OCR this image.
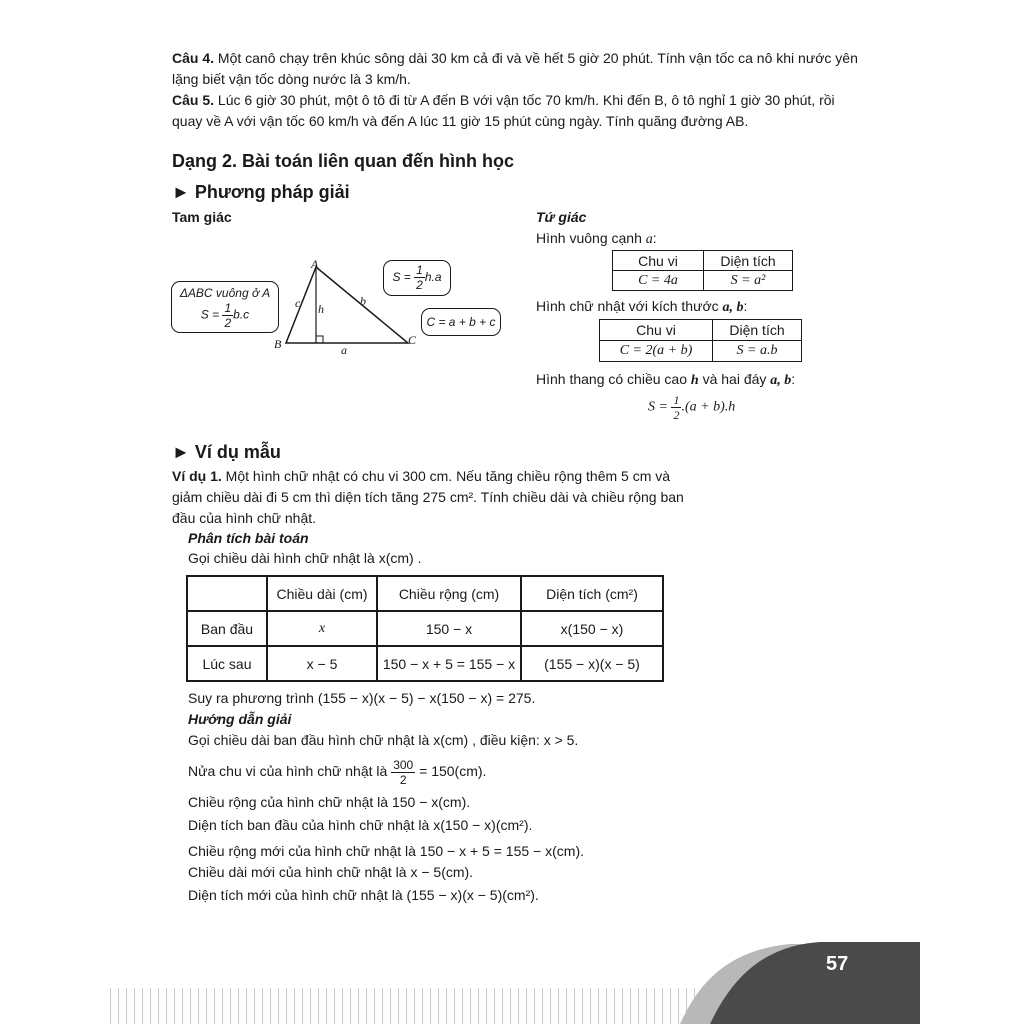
Câu 4. Một canô chạy trên khúc sông dài 30 km cả đi và về hết 5 giờ 20 phút. Tính vận tốc ca nô khi nước yên
lặng biết vận tốc dòng nước là 3 km/h.
Câu 5. Lúc 6 giờ 30 phút, một ô tô đi từ A đến B với vận tốc 70 km/h. Khi đến B, ô tô nghỉ 1 giờ 30 phút, rồi
quay về A với vận tốc 60 km/h và đến A lúc 11 giờ 15 phút cùng ngày. Tính quãng đường AB.
Dạng 2. Bài toán liên quan đến hình học
► Phương pháp giải
Tam giác	Tứ giác
A
B	C
c h
b
a
ΔABC vuông ở A
$S = \frac{1}{2} b.c$
$S = \frac{1}{2} h.a$
C = a + b + c
Hình vuông cạnh a:
Chu vi	Diện tích
C = 4a	S = a²
Hình chữ nhật với kích thước a, b:
Chu vi	Diện tích
C = 2(a + b)	S = a.b
Hình thang có chiều cao h và hai đáy a, b:
$S = \frac{1}{2} .(a + b).h$
► Ví dụ mẫu
Ví dụ 1. Một hình chữ nhật có chu vi 300 cm. Nếu tăng chiều rộng thêm 5 cm và
giảm chiều dài đi 5 cm thì diện tích tăng 275 cm². Tính chiều dài và chiều rộng ban
đầu của hình chữ nhật.
Phân tích bài toán
Gọi chiều dài hình chữ nhật là x(cm) .
	Chiều dài (cm)	Chiều rộng (cm)	Diện tích (cm²)
Ban đầu	x	150 − x	x(150 − x)
Lúc sau	x − 5	150 − x + 5 = 155 − x	(155 − x)(x − 5)
Suy ra phương trình (155 − x)(x − 5) − x(150 − x) = 275.
Hướng dẫn giải
Gọi chiều dài ban đầu hình chữ nhật là x(cm) , điều kiện: x > 5.
Nửa chu vi của hình chữ nhật là $\frac{300}{2} = 150(cm)$.
Chiều rộng của hình chữ nhật là 150 − x(cm).
Diện tích ban đầu của hình chữ nhật là x(150 − x)(cm²).
Chiều rộng mới của hình chữ nhật là 150 − x + 5 = 155 − x(cm).
Chiều dài mới của hình chữ nhật là x − 5(cm).
Diện tích mới của hình chữ nhật là (155 − x)(x − 5)(cm²).
57
